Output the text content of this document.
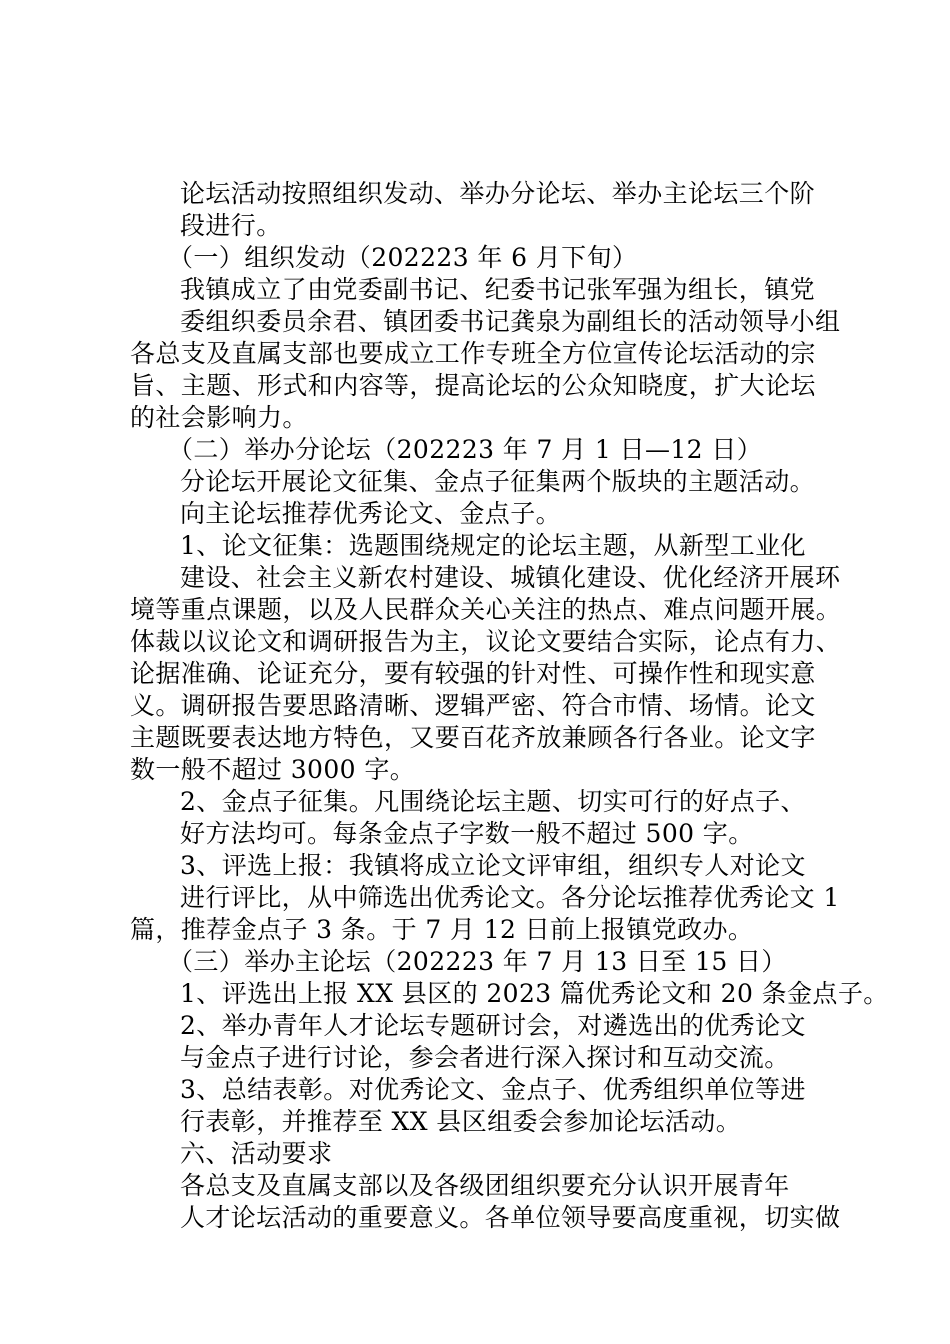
论坛活动按照组织发动、举办分论坛、举办主论坛三个阶
段进行。
（一）组织发动（202223 年 6 月下旬）
我镇成立了由党委副书记、纪委书记张军强为组长，镇党
委组织委员余君、镇团委书记龚泉为副组长的活动领导小组
各总支及直属支部也要成立工作专班全方位宣传论坛活动的宗
旨、主题、形式和内容等，提高论坛的公众知晓度，扩大论坛
的社会影响力。
（二）举办分论坛（202223 年 7 月 1 日—12 日）
分论坛开展论文征集、金点子征集两个版块的主题活动。
向主论坛推荐优秀论文、金点子。
1、论文征集：选题围绕规定的论坛主题，从新型工业化
建设、社会主义新农村建设、城镇化建设、优化经济开展环
境等重点课题，以及人民群众关心关注的热点、难点问题开展。
体裁以议论文和调研报告为主，议论文要结合实际，论点有力、
论据准确、论证充分，要有较强的针对性、可操作性和现实意
义。调研报告要思路清晰、逻辑严密、符合市情、场情。论文
主题既要表达地方特色，又要百花齐放兼顾各行各业。论文字
数一般不超过 3000 字。
2、金点子征集。凡围绕论坛主题、切实可行的好点子、
好方法均可。每条金点子字数一般不超过 500 字。
3、评选上报：我镇将成立论文评审组，组织专人对论文
进行评比，从中筛选出优秀论文。各分论坛推荐优秀论文 1
篇，推荐金点子 3 条。于 7 月 12 日前上报镇党政办。
（三）举办主论坛（202223 年 7 月 13 日至 15 日）
1、评选出上报 XX 县区的 2023 篇优秀论文和 20 条金点子。
2、举办青年人才论坛专题研讨会，对遴选出的优秀论文
与金点子进行讨论，参会者进行深入探讨和互动交流。
3、总结表彰。对优秀论文、金点子、优秀组织单位等进
行表彰，并推荐至 XX 县区组委会参加论坛活动。
六、活动要求
各总支及直属支部以及各级团组织要充分认识开展青年
人才论坛活动的重要意义。各单位领导要高度重视，切实做
